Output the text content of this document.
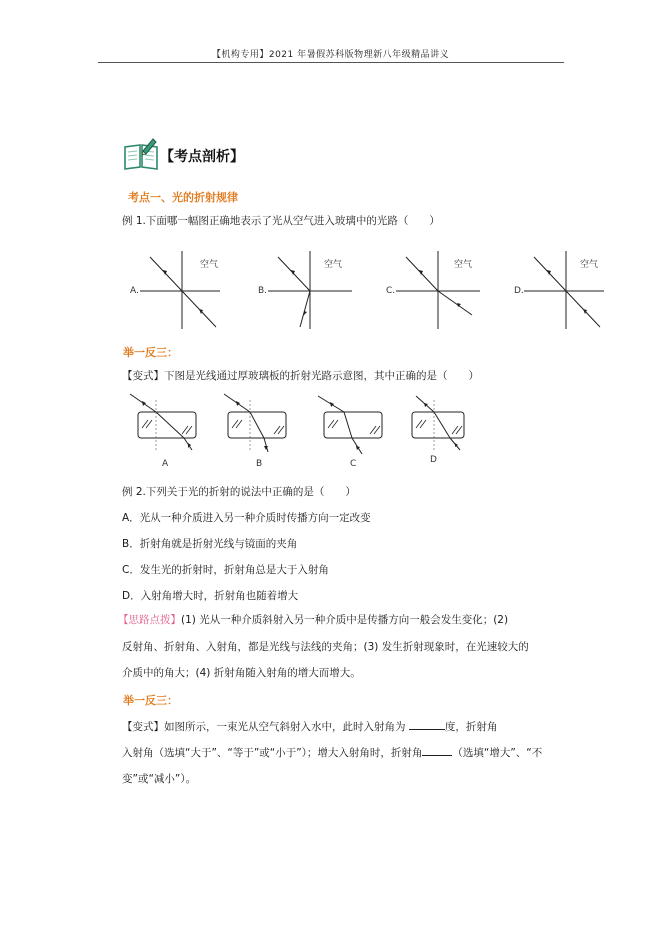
【机构专用】2021 年暑假苏科版物理新八年级精品讲义
【考点剖析】
考点一、光的折射规律
例 1.下面哪一幅图正确地表示了光从空气进入玻璃中的光路（　　）
A.
空气
B.
空气
C.
空气
D.
空气
举一反三：
【变式】下图是光线通过厚玻璃板的折射光路示意图，其中正确的是（　　）
A	B	C	D
例 2.下列关于光的折射的说法中正确的是（　　）
A．光从一种介质进入另一种介质时传播方向一定改变
B．折射角就是折射光线与镜面的夹角
C．发生光的折射时，折射角总是大于入射角
D．入射角增大时，折射角也随着增大
【思路点拨】(1) 光从一种介质斜射入另一种介质中是传播方向一般会发生变化；(2)
反射角、折射角、入射角，都是光线与法线的夹角；(3) 发生折射现象时，在光速较大的
介质中的角大；(4) 折射角随入射角的增大而增大。
举一反三：
【变式】如图所示，一束光从空气斜射入水中，此时入射角为	度，折射角
入射角（选填“大于”、“等于”或“小于”）；增大入射角时，折射角	（选填“增大”、“不
变”或“减小”）。
